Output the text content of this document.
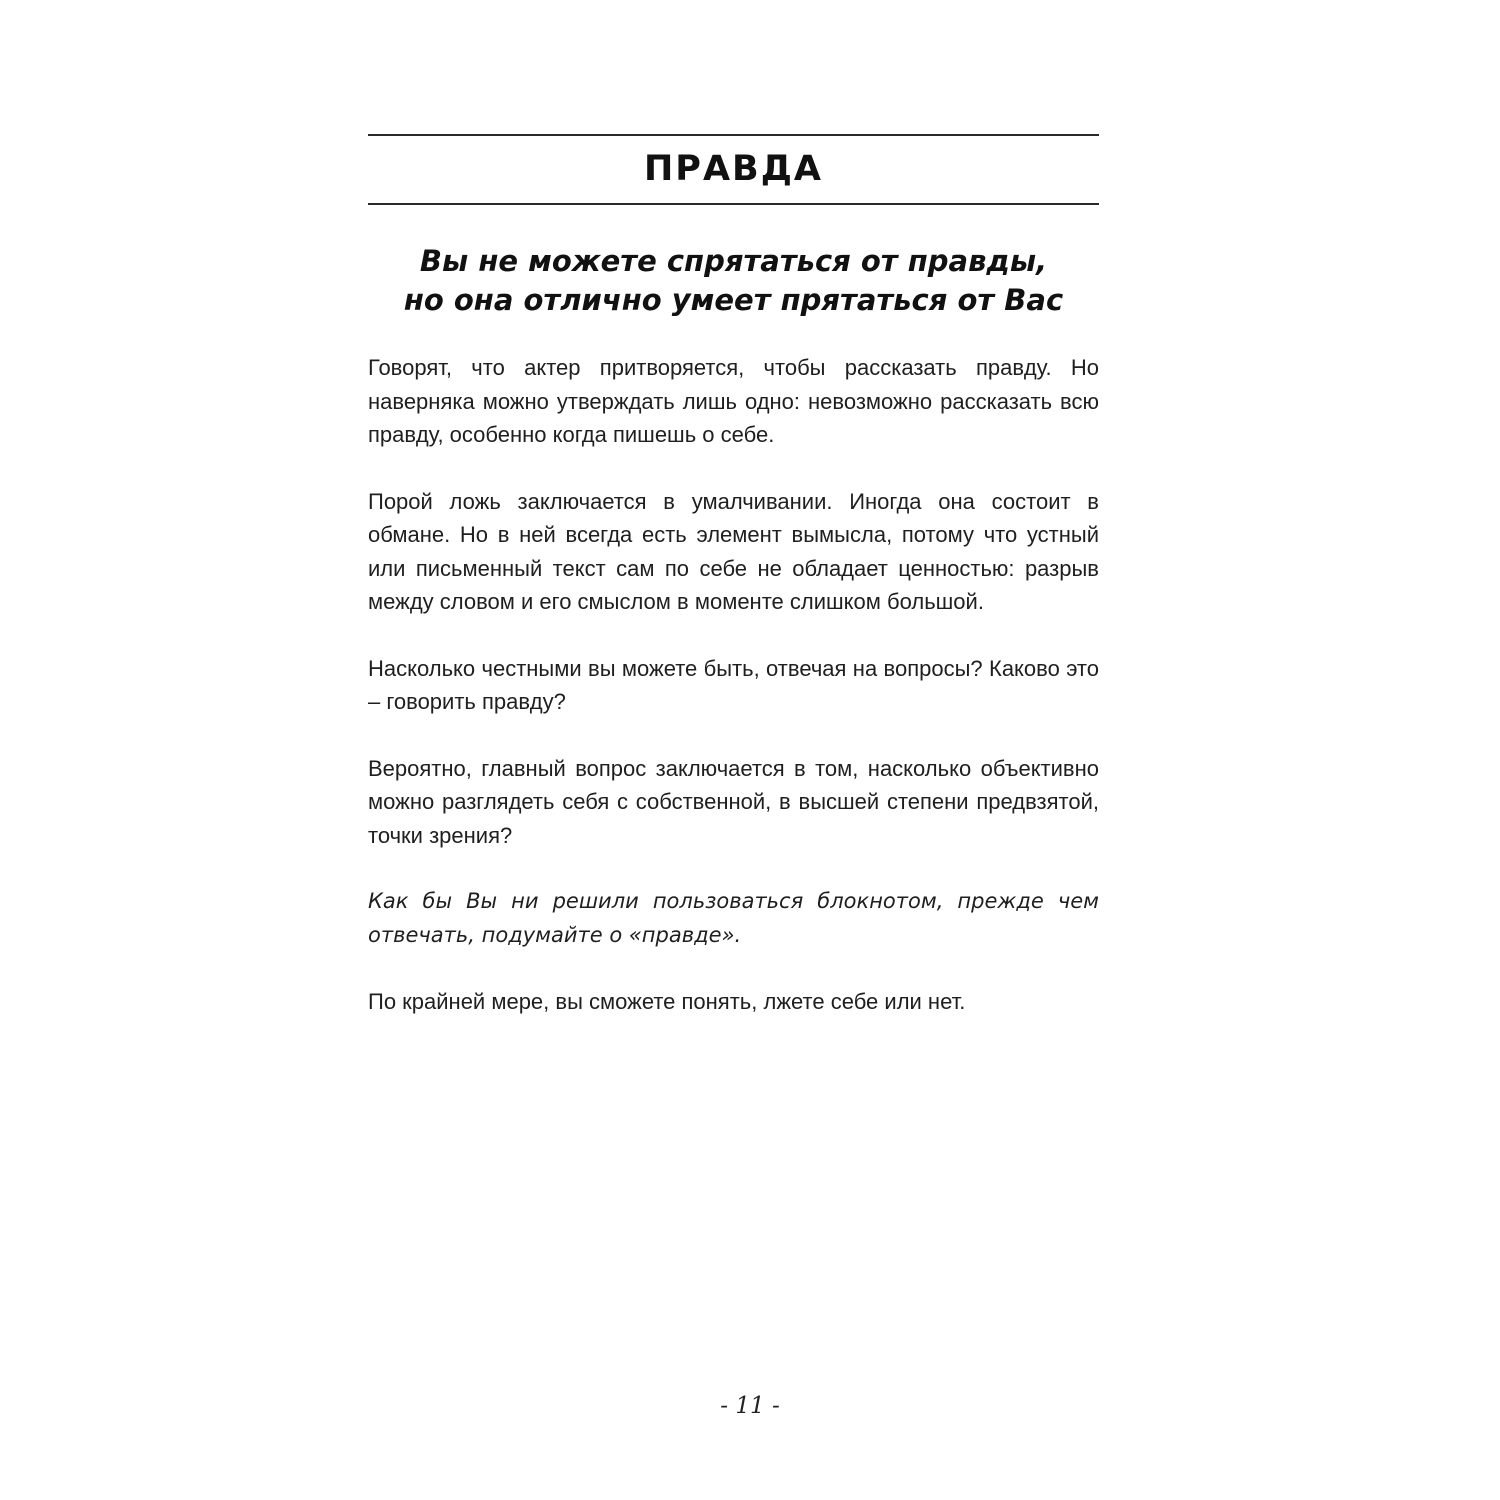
ПРАВДА
Вы не можете спрятаться от правды,
но она отлично умеет прятаться от Вас

Говорят, что актер притворяется, чтобы рассказать правду. Но наверняка можно утверждать лишь одно: невозможно рассказать всю правду, особенно когда пишешь о себе.

Порой ложь заключается в умалчивании. Иногда она состоит в обмане. Но в ней всегда есть элемент вымысла, потому что устный или письменный текст сам по себе не обладает ценностью: разрыв между словом и его смыслом в моменте слишком большой.

Насколько честными вы можете быть, отвечая на вопросы? Каково это – говорить правду?

Вероятно, главный вопрос заключается в том, насколько объективно можно разглядеть себя с собственной, в высшей степени предвзятой, точки зрения?

Как бы Вы ни решили пользоваться блокнотом, прежде чем отвечать, подумайте о «правде».

По крайней мере, вы сможете понять, лжете себе или нет.

- 11 -
